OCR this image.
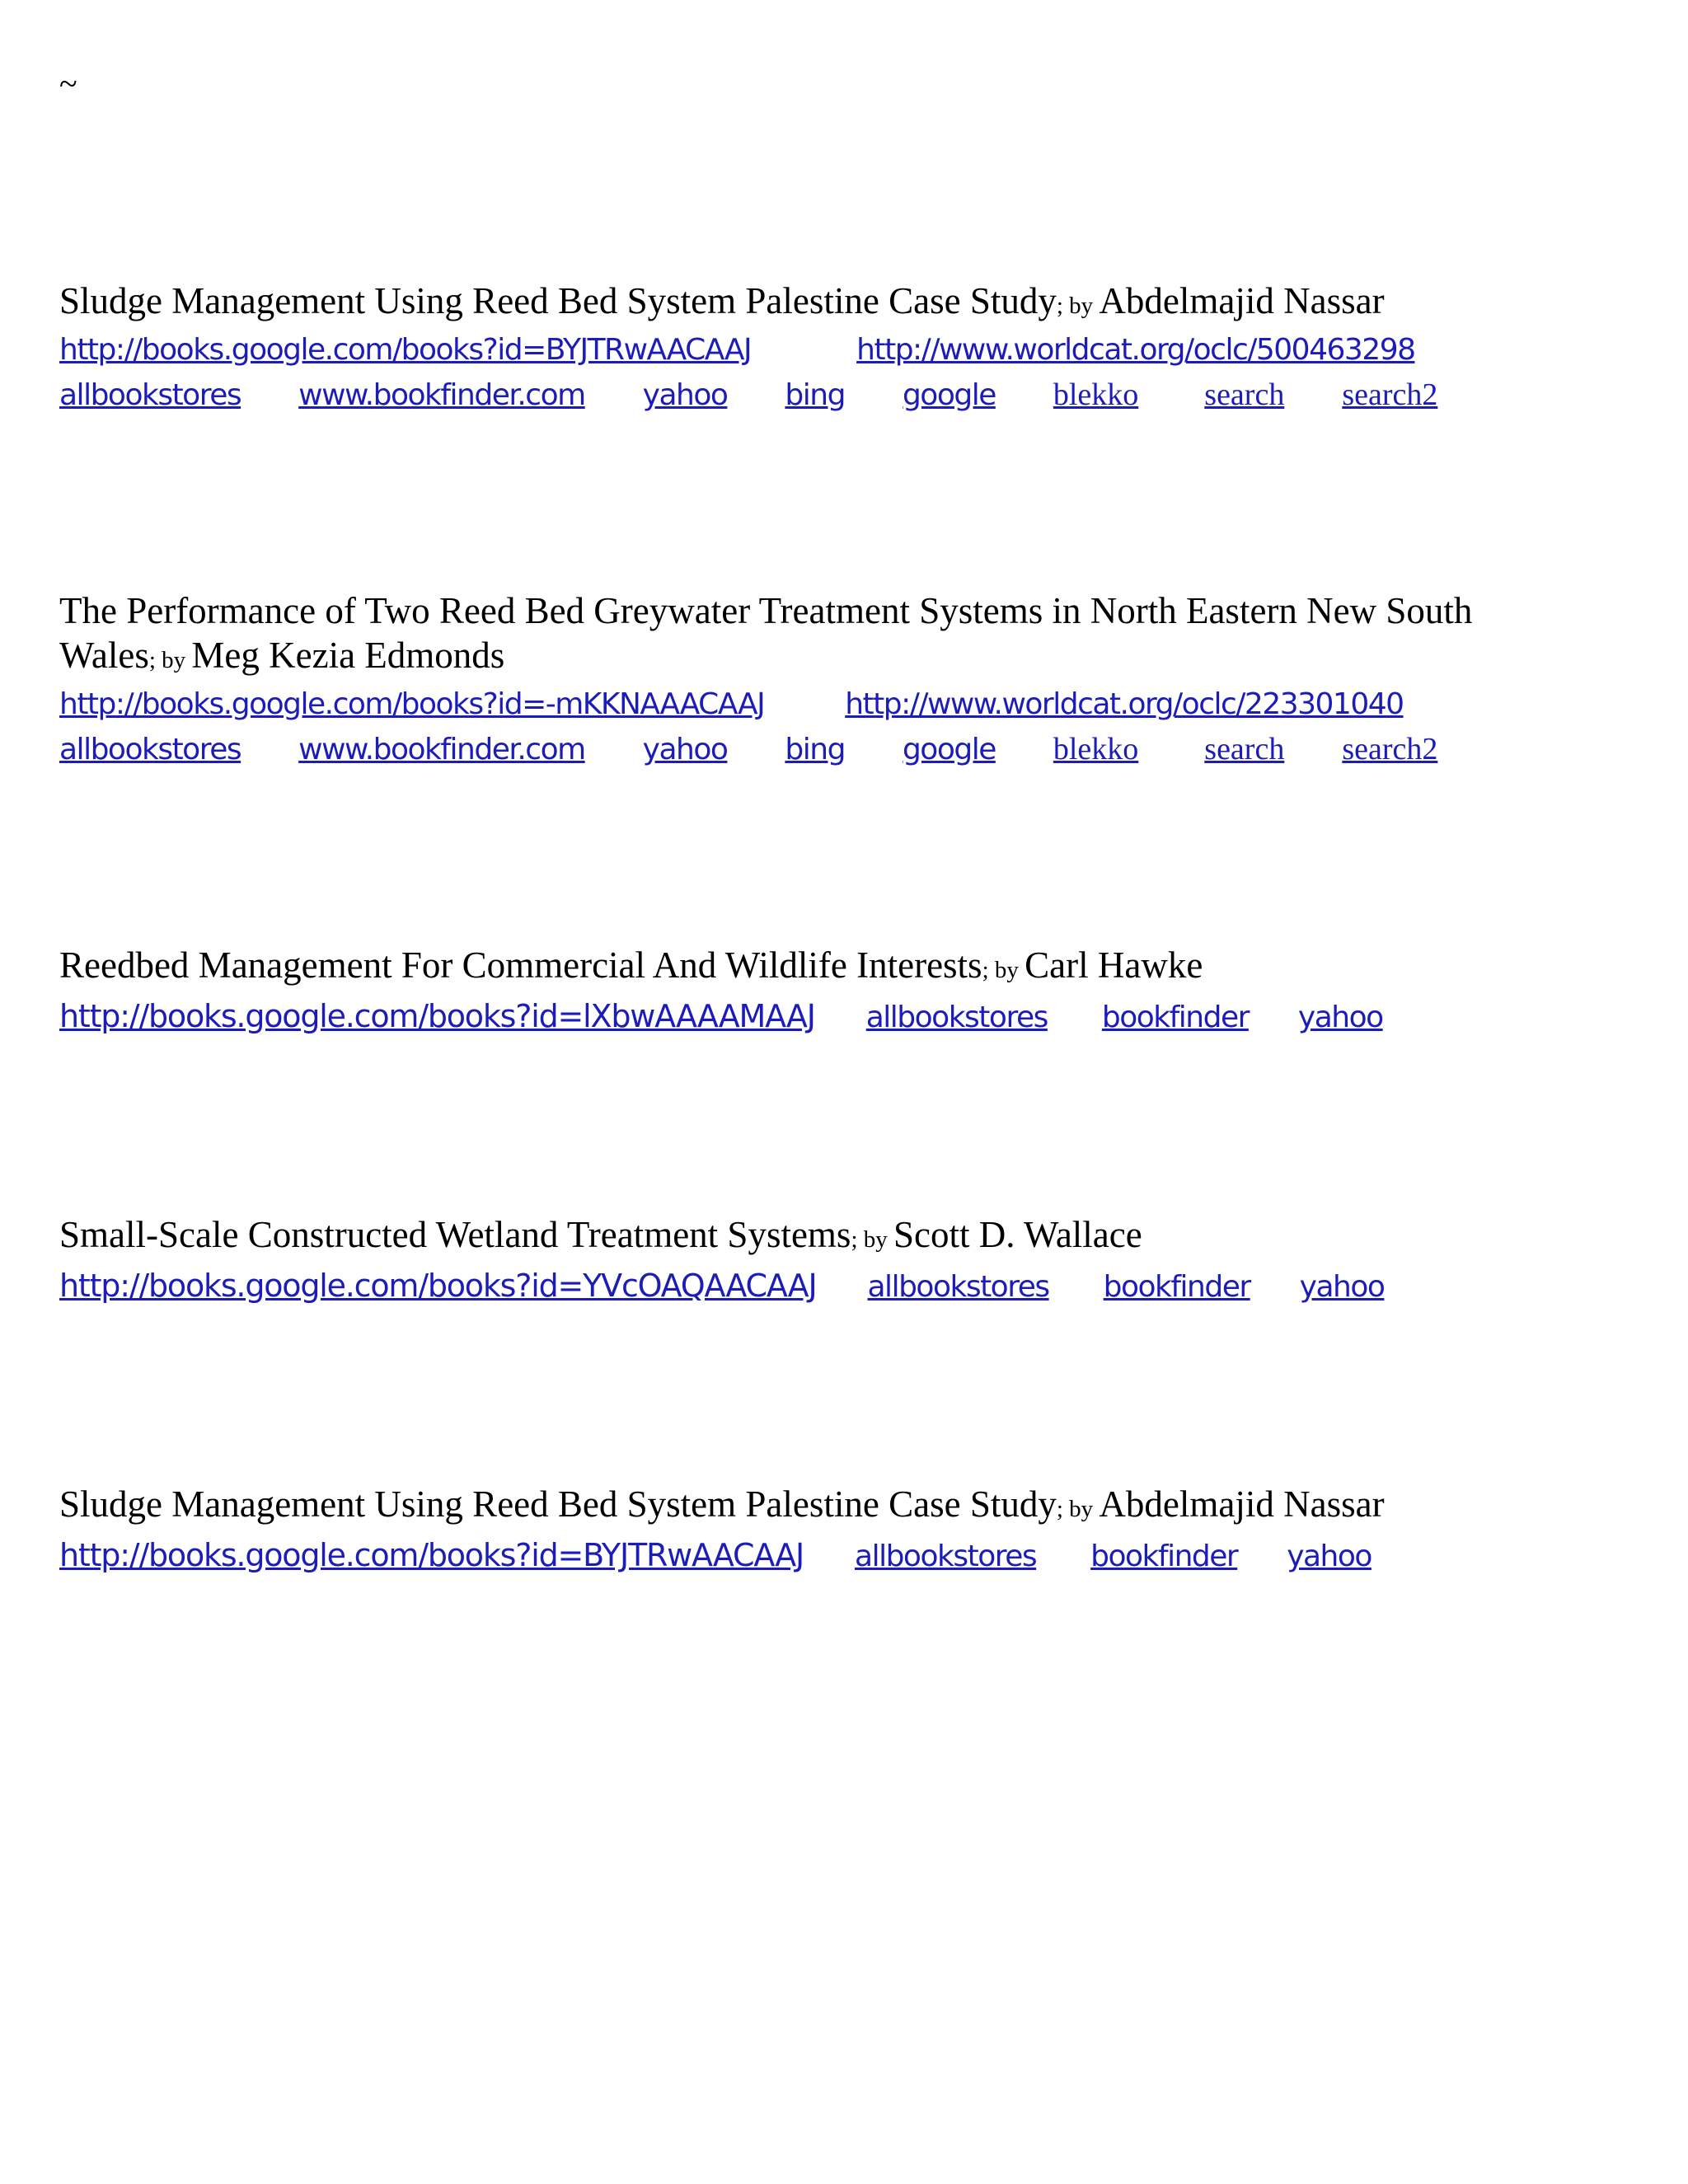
~

Sludge Management Using Reed Bed System Palestine Case Study; by Abdelmajid Nassar

http://books.google.com/books?id=BYJTRwAACAAJ	http://www.worldcat.org/oclc/500463298
allbookstores www.bookfinder.com yahoo bing google blekko search search2

The Performance of Two Reed Bed Greywater Treatment Systems in North Eastern New South Wales; by Meg Kezia Edmonds

http://books.google.com/books?id=-mKKNAAACAAJ	http://www.worldcat.org/oclc/223301040
allbookstores www.bookfinder.com yahoo bing google blekko search search2

Reedbed Management For Commercial And Wildlife Interests; by Carl Hawke

http://books.google.com/books?id=lXbwAAAAMAAJ allbookstores bookfinder yahoo

Small-Scale Constructed Wetland Treatment Systems; by Scott D. Wallace

http://books.google.com/books?id=YVcOAQAACAAJ allbookstores bookfinder yahoo

Sludge Management Using Reed Bed System Palestine Case Study; by Abdelmajid Nassar

http://books.google.com/books?id=BYJTRwAACAAJ allbookstores bookfinder yahoo
